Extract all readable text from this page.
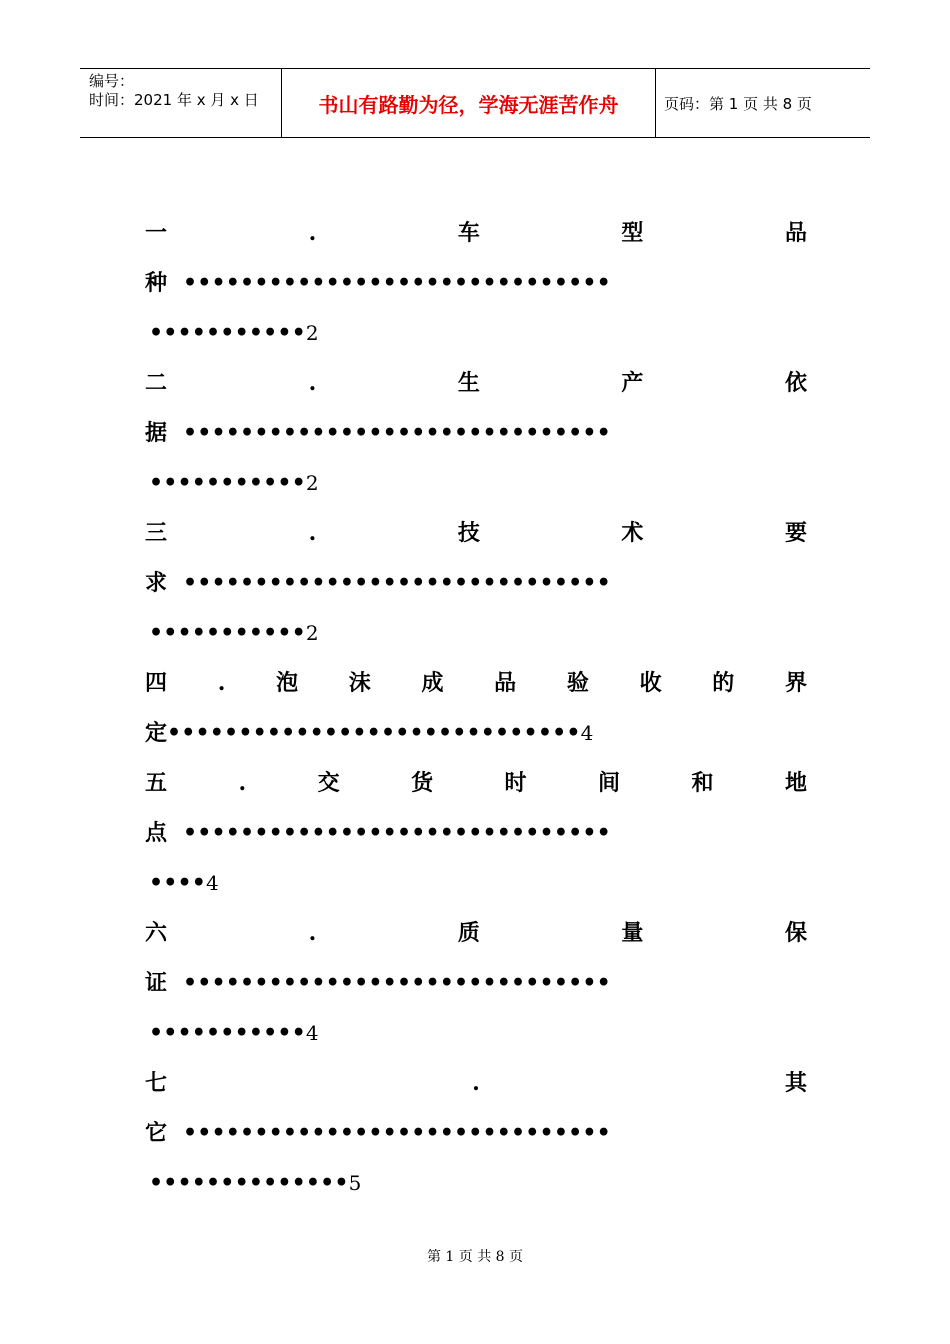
编号：
时间：2021 年 x 月 x 日	书山有路勤为径，学海无涯苦作舟	页码：第 1 页 共 8 页
一	.	车	型	品
种 ••••••••••••••••••••••••••••••
•••••••••••2
二	.	生	产	依
据 ••••••••••••••••••••••••••••••
•••••••••••2
三	.	技	术	要
求 ••••••••••••••••••••••••••••••
•••••••••••2
四 . 泡 沫 成 品 验 收 的 界
定•••••••••••••••••••••••••••••4
五	.	交	货	时	间	和	地
点 ••••••••••••••••••••••••••••••
••••4
六	.	质	量	保
证 ••••••••••••••••••••••••••••••
•••••••••••4
七	.	其
它 ••••••••••••••••••••••••••••••
••••••••••••••5
第 1 页 共 8 页
